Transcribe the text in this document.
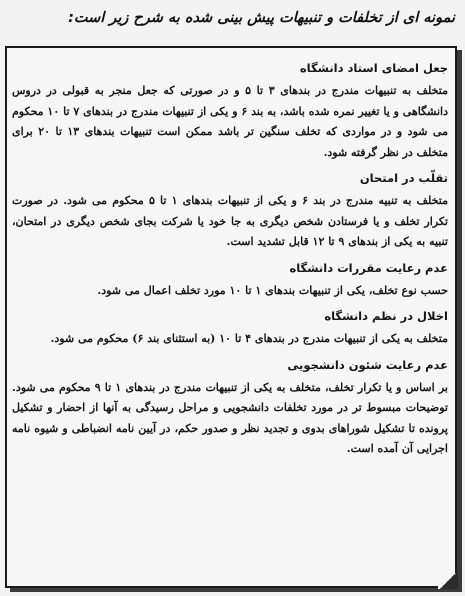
نمونه ای از تخلفات و تنبیهات پیش بینی شده به شرح زیر است:
جعل امضای استاد دانشگاه
متخلف به تنبیهات مندرج در بندهای ۳ تا ۵ و در صورتی که جعل منجر به قبولی در دروس دانشگاهی و یا تغییر نمره شده باشد، به بند ۶ و یکی از تنبیهات مندرج در بندهای ۷ تا ۱۰ محکوم می شود و در مواردی که تخلف سنگین تر باشد ممکن است تنبیهات بندهای ۱۳ تا ۲۰ برای متخلف در نظر گرفته شود.
تقلّب در امتحان
متخلف به تنبیه مندرج در بند ۶ و یکی از تنبیهات بندهای ۱ تا ۵ محکوم می شود. در صورت تکرار تخلف و یا فرستادن شخص دیگری به جا خود یا شرکت بجای شخص دیگری در امتحان، تنبیه به یکی از بندهای ۹ تا ۱۲ قابل تشدید است.
عدم رعایت مقررات دانشگاه
حسب نوع تخلف، یکی از تنبیهات بندهای ۱ تا ۱۰ مورد تخلف اعمال می شود.
اخلال در نظم دانشگاه
متخلف به یکی از تنبیهات مندرج در بندهای ۴ تا ۱۰ (به استثنای بند ۶) محکوم می شود.
عدم رعایت شئون دانشجویی
بر اساس و یا تکرار تخلف، متخلف به یکی از تنبیهات مندرج در بندهای ۱ تا ۹ محکوم می شود. توضیحات مبسوط تر در مورد تخلفات دانشجویی و مراحل رسیدگی به آنها از احضار و تشکیل پرونده تا تشکیل شوراهای بدوی و تجدید نظر و صدور حکم، در آیین نامه انضباطی و شیوه نامه اجرایی آن آمده است.
